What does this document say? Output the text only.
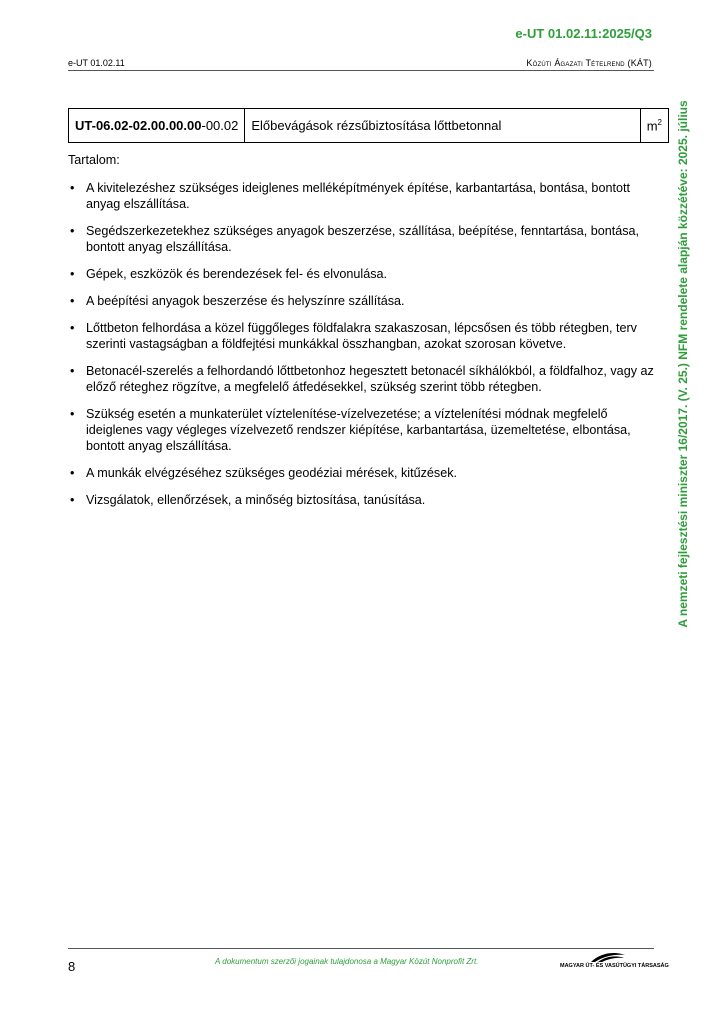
e-UT 01.02.11:2025/Q3
e-UT 01.02.11	Közúti Ágazati Tételrend (KÁT)
A nemzeti fejlesztési miniszter 16/2017. (V. 25.) NFM rendelete alapján közzétéve: 2025. július
UT-06.02-02.00.00.00-00.02	Előbevágások rézsűbiztosítása lőttbetonnal	$m^2$
Tartalom:
• A kivitelezéshez szükséges ideiglenes melléképítmények építése, karbantartása, bontása, bontott anyag elszállítása.
• Segédszerkezetekhez szükséges anyagok beszerzése, szállítása, beépítése, fenntartása, bontása, bontott anyag elszállítása.
• Gépek, eszközök és berendezések fel- és elvonulása.
• A beépítési anyagok beszerzése és helyszínre szállítása.
• Lőttbeton felhordása a közel függőleges földfalakra szakaszosan, lépcsősen és több rétegben, terv szerinti vastagságban a földfejtési munkákkal összhangban, azokat szorosan követve.
• Betonacél-szerelés a felhordandó lőttbetonhoz hegesztett betonacél síkhálókból, a földfalhoz, vagy az előző réteghez rögzítve, a megfelelő átfedésekkel, szükség szerint több rétegben.
• Szükség esetén a munkaterület víztelenítése-vízelvezetése; a víztelenítési módnak megfelelő ideiglenes vagy végleges vízelvezető rendszer kiépítése, karbantartása, üzemeltetése, elbontása, bontott anyag elszállítása.
• A munkák elvégzéséhez szükséges geodéziai mérések, kitűzések.
• Vizsgálatok, ellenőrzések, a minőség biztosítása, tanúsítása.
8	A dokumentum szerzői jogainak tulajdonosa a Magyar Közút Nonprofit Zrt.	MAGYAR ÚT- ÉS VASÚTÜGYI TÁRSASÁG
